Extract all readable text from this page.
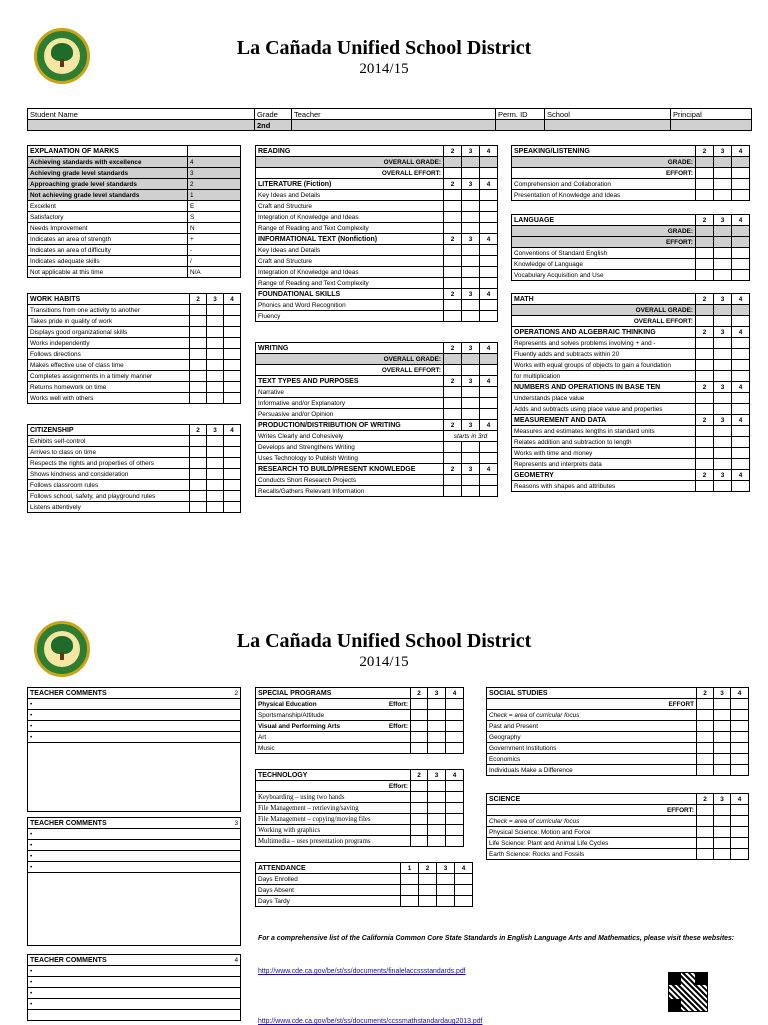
La Cañada Unified School District
2014/15
Student Name	Grade	Teacher	Perm. ID	School	Principal
	2nd				
EXPLANATION OF MARKS	
Achieving standards with excellence	4
Achieving grade level standards	3
Approaching grade level standards	2
Not achieving grade level standards	1
Excellent	E
Satisfactory	S
Needs Improvement	N
Indicates an area of strength	+
Indicates an area of difficulty	-
Indicates adequate skills	/
Not applicable at this time	N/A
WORK HABITS	2	3	4
Transitions from one activity to another			
Takes pride in quality of work			
Displays good organizational skills			
Works independently			
Follows directions			
Makes effective use of class time			
Completes assignments in a timely manner			
Returns homework on time			
Works well with others			
CITIZENSHIP	2	3	4
Exhibits self-control			
Arrives to class on time			
Respects the rights and properties of others			
Shows kindness and consideration			
Follows classroom rules			
Follows school, safety, and playground rules			
Listens attentively			
READING	2	3	4
OVERALL GRADE:			
OVERALL EFFORT:			
LITERATURE (Fiction)	2	3	4
Key Ideas and Details			
Craft and Structure			
Integration of Knowledge and Ideas			
Range of Reading and Text Complexity			
INFORMATIONAL TEXT (Nonfiction)	2	3	4
Key Ideas and Details			
Craft and Structure			
Integration of Knowledge and Ideas			
Range of Reading and Text Complexity			
FOUNDATIONAL SKILLS	2	3	4
Phonics and Word Recognition			
Fluency			
WRITING	2	3	4
OVERALL GRADE:			
OVERALL EFFORT:			
TEXT TYPES AND PURPOSES	2	3	4
Narrative			
Informative and/or Explanatory			
Persuasive and/or Opinion			
PRODUCTION/DISTRIBUTION OF WRITING	2	3	4
Writes Clearly and Cohesively	starts in 3rd		
Develops and Strengthens Writing			
Uses Technology to Publish Writing			
RESEARCH TO BUILD/PRESENT KNOWLEDGE	2	3	4
Conducts Short Research Projects			
Recalls/Gathers Relevant Information			
SPEAKING/LISTENING	2	3	4
GRADE:			
EFFORT:			
Comprehension and Collaboration			
Presentation of Knowledge and Ideas			
LANGUAGE	2	3	4
GRADE:			
EFFORT:			
Conventions of Standard English			
Knowledge of Language			
Vocabulary Acquisition and Use			
MATH	2	3	4
OVERALL GRADE:			
OVERALL EFFORT:			
OPERATIONS AND ALGEBRAIC THINKING	2	3	4
Represents and solves problems involving + and -			
Fluently adds and subtracts within 20			
Works with equal groups of objects to gain a foundation			
for multiplication			
NUMBERS AND OPERATIONS IN BASE TEN	2	3	4
Understands place value			
Adds and subtracts using place value and properties			
MEASUREMENT AND DATA	2	3	4
Measures and estimates lengths in standard units			
Relates addition and subtraction to length			
Works with time and money			
Represents and interprets data			
GEOMETRY	2	3	4
Reasons with shapes and attributes			
La Cañada Unified School District
2014/15
TEACHER COMMENTS	2
•
•
•
•

TEACHER COMMENTS	3
•
•
•
•

TEACHER COMMENTS	4
•
•
•
•

SPECIAL PROGRAMS	2	3	4
Physical Education Effort:			

Sportsmanship/Attitude			
Visual and Performing Arts Effort:			

Art			
Music			
TECHNOLOGY	2	3	4
Effort:			
Keyboarding – using two hands			
File Management – retrieving/saving			
File Management – copying/moving files			
Working with graphics			
Multimedia – uses presentation programs			
ATTENDANCE	1	2	3	4
Days Enrolled				
Days Absent				
Days Tardy				
SOCIAL STUDIES	2	3	4
EFFORT			
Check = area of curricular focus			
Past and Present			
Geography			
Government Institutions			
Economics			
Individuals Make a Difference			
SCIENCE	2	3	4
EFFORT:			
Check = area of curricular focus			
Physical Science: Motion and Force			
Life Science: Plant and Animal Life Cycles			
Earth Science: Rocks and Fossils			
For a comprehensive list of the California Common Core State Standards in English Language Arts and Mathematics, please visit these websites:
http://www.cde.ca.gov/be/st/ss/documents/finalelaccssstandards.pdf
http://www.cde.ca.gov/be/st/ss/documents/ccssmathstandardaug2013.pdf
